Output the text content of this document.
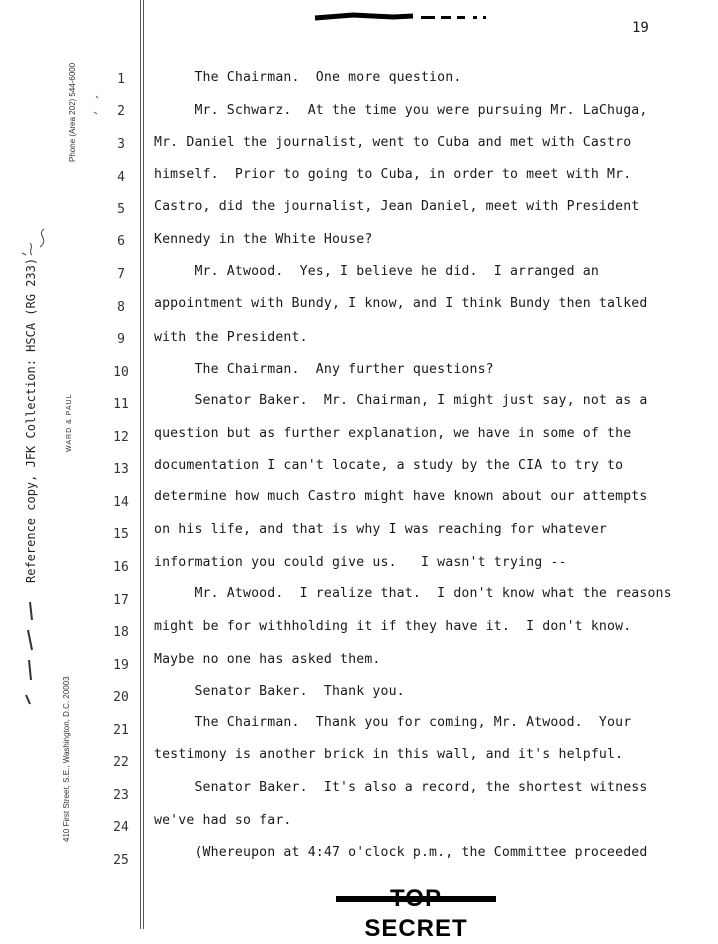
19
Phone (Area 202) 544-6000
WARD & PAUL
410 First Street, S.E., Washington, D.C. 20003
Reference copy, JFK Collection: HSCA (RG 233)
1
2
3
4
5
6
7
8
9
10
11
12
13
14
15
16
17
18
19
20
21
22
23
24
25
The Chairman.  One more question.
Mr. Schwarz.  At the time you were pursuing Mr. LaChuga,
Mr. Daniel the journalist, went to Cuba and met with Castro
himself.  Prior to going to Cuba, in order to meet with Mr.
Castro, did the journalist, Jean Daniel, meet with President
Kennedy in the White House?
Mr. Atwood.  Yes, I believe he did.  I arranged an
appointment with Bundy, I know, and I think Bundy then talked
with the President.
The Chairman.  Any further questions?
Senator Baker.  Mr. Chairman, I might just say, not as a
question but as further explanation, we have in some of the
documentation I can't locate, a study by the CIA to try to
determine how much Castro might have known about our attempts
on his life, and that is why I was reaching for whatever
information you could give us.   I wasn't trying --
Mr. Atwood.  I realize that.  I don't know what the reasons
might be for withholding it if they have it.  I don't know.
Maybe no one has asked them.
Senator Baker.  Thank you.
The Chairman.  Thank you for coming, Mr. Atwood.  Your
testimony is another brick in this wall, and it's helpful.
Senator Baker.  It's also a record, the shortest witness
we've had so far.
(Whereupon at 4:47 o'clock p.m., the Committee proceeded
SECRET
